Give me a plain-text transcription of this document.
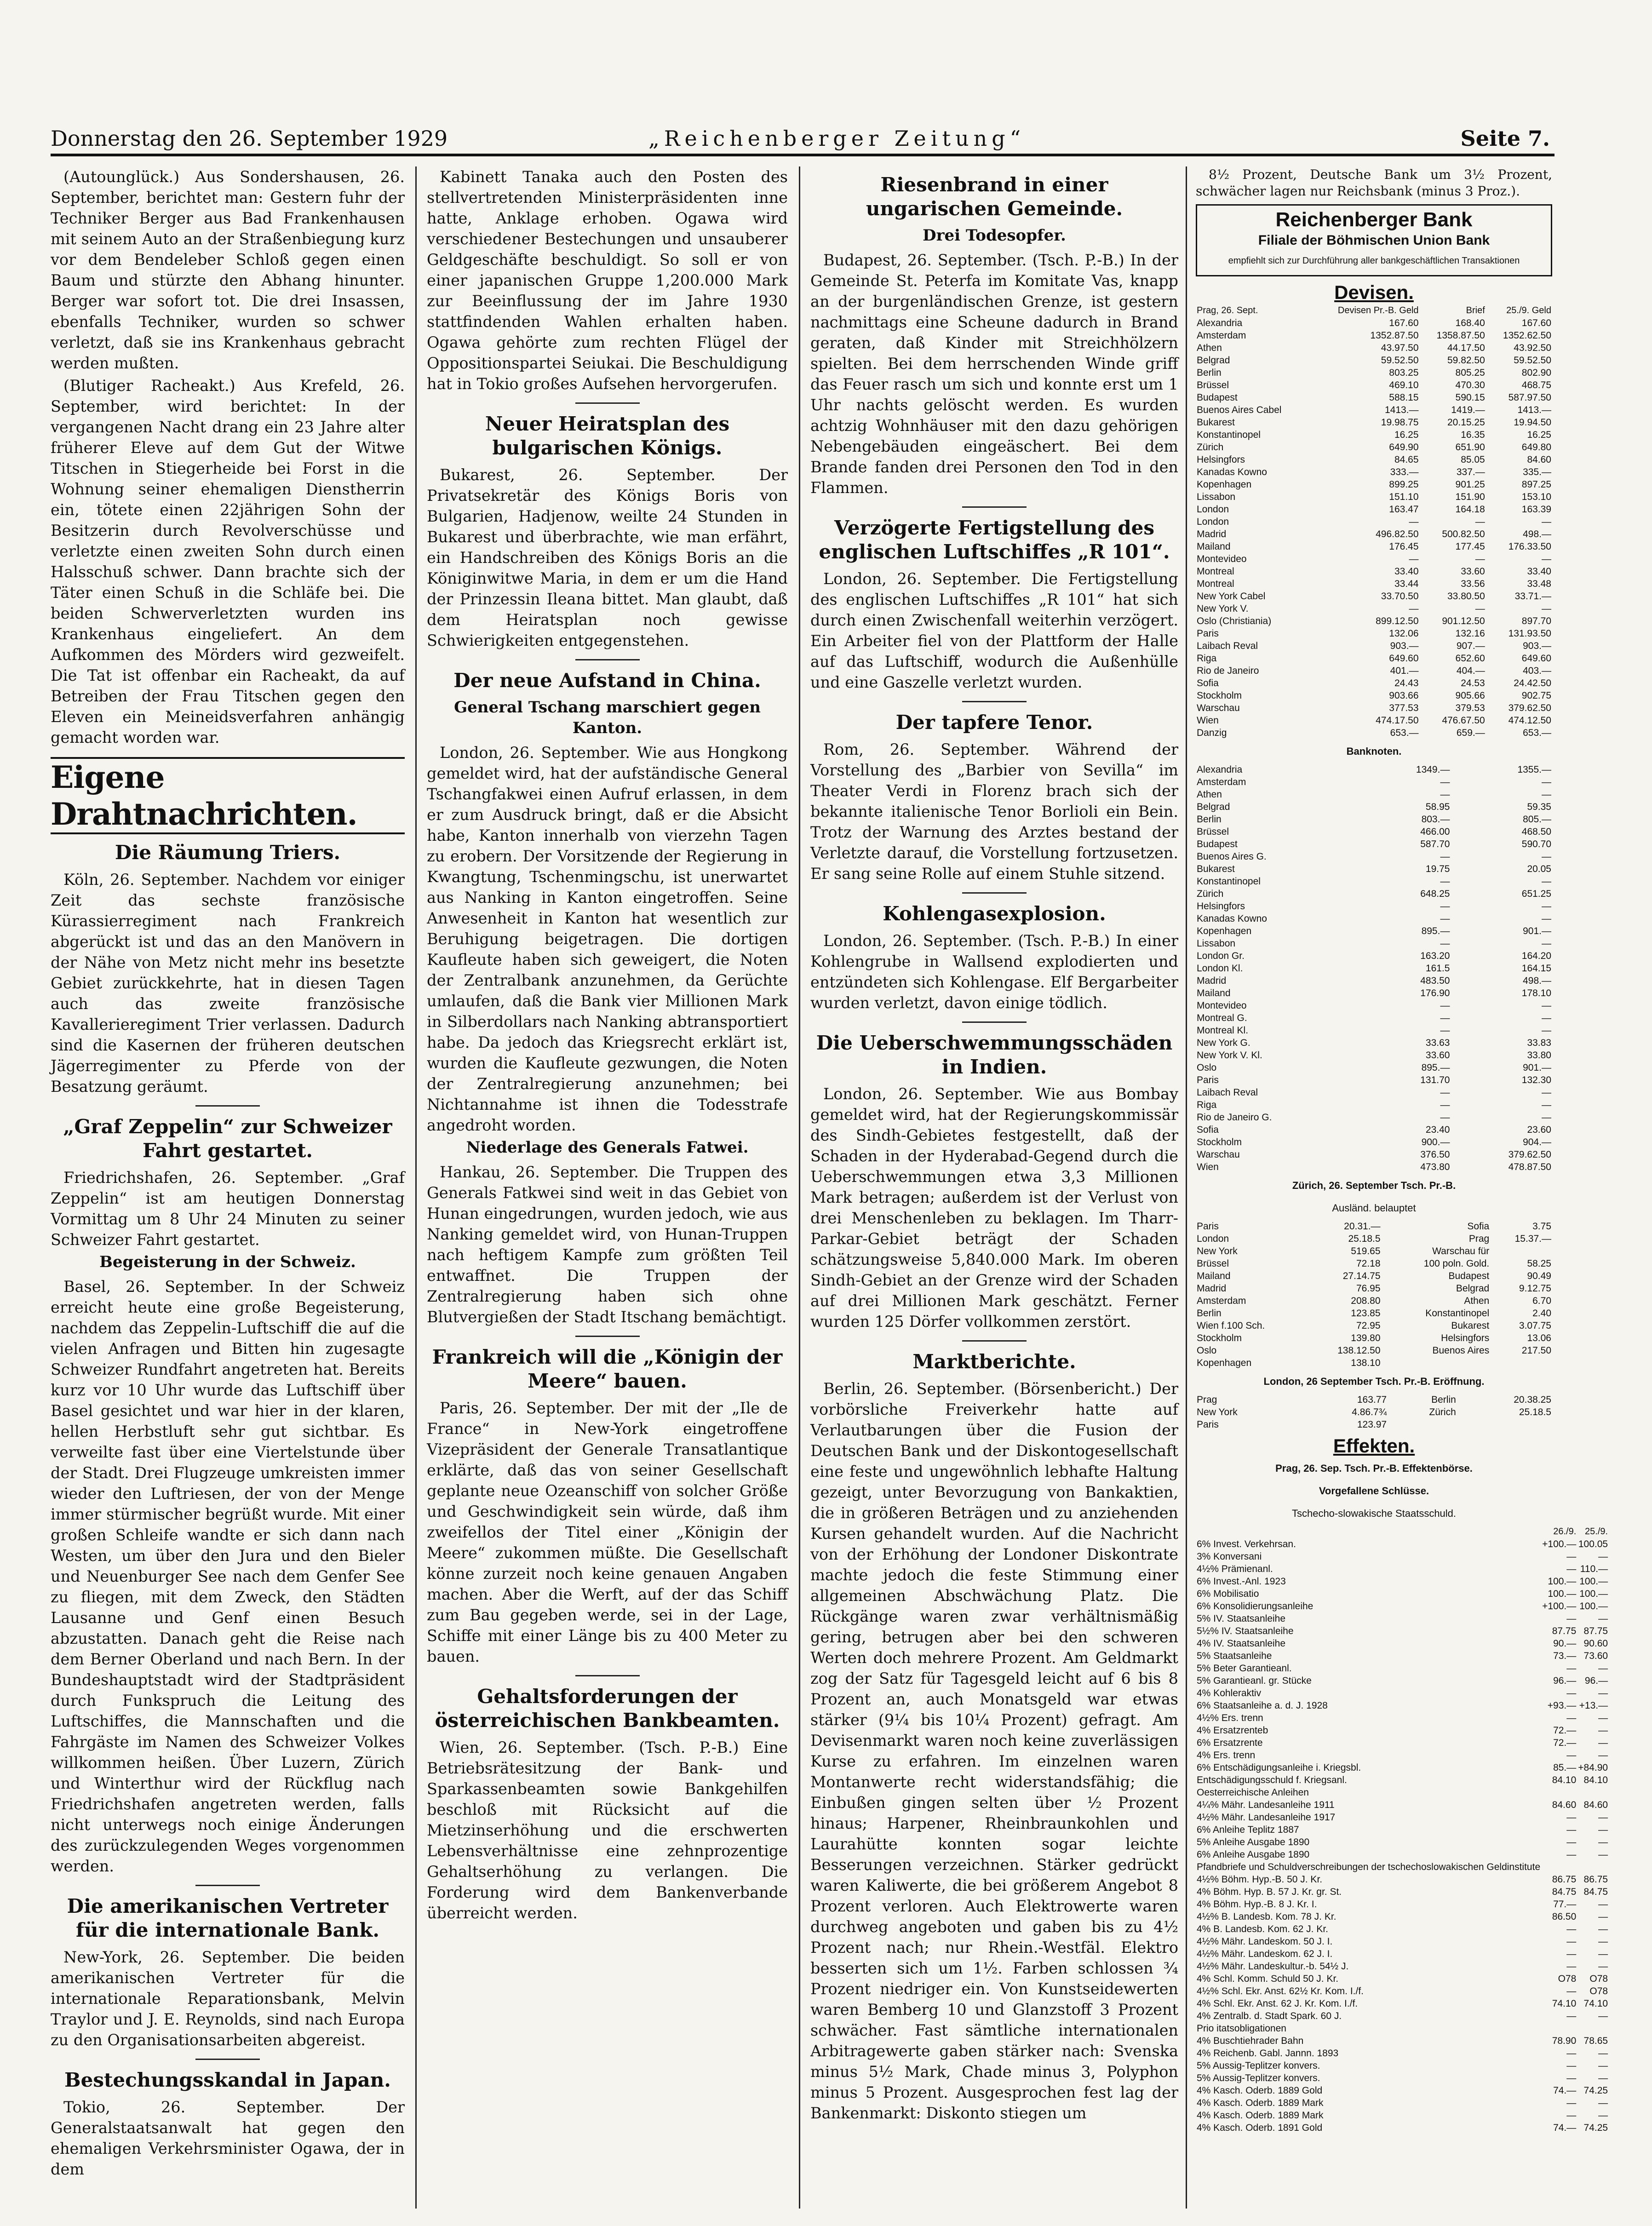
Donnerstag den 26. September 1929	„Reichenberger Zeitung“	Seite 7.

(Autounglück.) Aus Sondershausen, 26. September, berichtet man: Gestern fuhr der Techniker Berger aus Bad Frankenhausen mit seinem Auto an der Straßenbiegung kurz vor dem Bendeleber Schloß gegen einen Baum und stürzte den Abhang hinunter. Berger war sofort tot. Die drei Insassen, ebenfalls Techniker, wurden so schwer verletzt, daß sie ins Krankenhaus gebracht werden mußten.

(Blutiger Racheakt.) Aus Krefeld, 26. September, wird berichtet: In der vergangenen Nacht drang ein 23 Jahre alter früherer Eleve auf dem Gut der Witwe Titschen in Stiegerheide bei Forst in die Wohnung seiner ehemaligen Dienstherrin ein, tötete einen 22jährigen Sohn der Besitzerin durch Revolverschüsse und verletzte einen zweiten Sohn durch einen Halsschuß schwer. Dann brachte sich der Täter einen Schuß in die Schläfe bei. Die beiden Schwerverletzten wurden ins Krankenhaus eingeliefert. An dem Aufkommen des Mörders wird gezweifelt. Die Tat ist offenbar ein Racheakt, da auf Betreiben der Frau Titschen gegen den Eleven ein Meineidsverfahren anhängig gemacht worden war.

Eigene Drahtnachrichten.
Die Räumung Triers.

Köln, 26. September. Nachdem vor einiger Zeit das sechste französische Kürassierregiment nach Frankreich abgerückt ist und das an den Manövern in der Nähe von Metz nicht mehr ins besetzte Gebiet zurückkehrte, hat in diesen Tagen auch das zweite französische Kavallerieregiment Trier verlassen. Dadurch sind die Kasernen der früheren deutschen Jägerregimenter zu Pferde von der Besatzung geräumt.

„Graf Zeppelin“ zur Schweizer Fahrt gestartet.

Friedrichshafen, 26. September. „Graf Zeppelin“ ist am heutigen Donnerstag Vormittag um 8 Uhr 24 Minuten zu seiner Schweizer Fahrt gestartet.

Begeisterung in der Schweiz.

Basel, 26. September. In der Schweiz erreicht heute eine große Begeisterung, nachdem das Zeppelin-Luftschiff die auf die vielen Anfragen und Bitten hin zugesagte Schweizer Rundfahrt angetreten hat. Bereits kurz vor 10 Uhr wurde das Luftschiff über Basel gesichtet und war hier in der klaren, hellen Herbstluft sehr gut sichtbar. Es verweilte fast über eine Viertelstunde über der Stadt. Drei Flugzeuge umkreisten immer wieder den Luftriesen, der von der Menge immer stürmischer begrüßt wurde. Mit einer großen Schleife wandte er sich dann nach Westen, um über den Jura und den Bieler und Neuenburger See nach dem Genfer See zu fliegen, mit dem Zweck, den Städten Lausanne und Genf einen Besuch abzustatten. Danach geht die Reise nach dem Berner Oberland und nach Bern. In der Bundeshauptstadt wird der Stadtpräsident durch Funkspruch die Leitung des Luftschiffes, die Mannschaften und die Fahrgäste im Namen des Schweizer Volkes willkommen heißen. Über Luzern, Zürich und Winterthur wird der Rückflug nach Friedrichshafen angetreten werden, falls nicht unterwegs noch einige Änderungen des zurückzulegenden Weges vorgenommen werden.

Die amerikanischen Vertreter für die internationale Bank.

New-York, 26. September. Die beiden amerikanischen Vertreter für die internationale Reparationsbank, Melvin Traylor und J. E. Reynolds, sind nach Europa zu den Organisationsarbeiten abgereist.

Bestechungsskandal in Japan.

Tokio, 26. September. Der Generalstaatsanwalt hat gegen den ehemaligen Verkehrsminister Ogawa, der in dem

Kabinett Tanaka auch den Posten des stellvertretenden Ministerpräsidenten inne hatte, Anklage erhoben. Ogawa wird verschiedener Bestechungen und unsauberer Geldgeschäfte beschuldigt. So soll er von einer japanischen Gruppe 1,200.000 Mark zur Beeinflussung der im Jahre 1930 stattfindenden Wahlen erhalten haben. Ogawa gehörte zum rechten Flügel der Oppositionspartei Seiukai. Die Beschuldigung hat in Tokio großes Aufsehen hervorgerufen.

Neuer Heiratsplan des bulgarischen Königs.

Bukarest, 26. September. Der Privatsekretär des Königs Boris von Bulgarien, Hadjenow, weilte 24 Stunden in Bukarest und überbrachte, wie man erfährt, ein Handschreiben des Königs Boris an die Königinwitwe Maria, in dem er um die Hand der Prinzessin Ileana bittet. Man glaubt, daß dem Heiratsplan noch gewisse Schwierigkeiten entgegenstehen.

Der neue Aufstand in China.
General Tschang marschiert gegen Kanton.

London, 26. September. Wie aus Hongkong gemeldet wird, hat der aufständische General Tschangfakwei einen Aufruf erlassen, in dem er zum Ausdruck bringt, daß er die Absicht habe, Kanton innerhalb von vierzehn Tagen zu erobern. Der Vorsitzende der Regierung in Kwangtung, Tschenmingschu, ist unerwartet aus Nanking in Kanton eingetroffen. Seine Anwesenheit in Kanton hat wesentlich zur Beruhigung beigetragen. Die dortigen Kaufleute haben sich geweigert, die Noten der Zentralbank anzunehmen, da Gerüchte umlaufen, daß die Bank vier Millionen Mark in Silberdollars nach Nanking abtransportiert habe. Da jedoch das Kriegsrecht erklärt ist, wurden die Kaufleute gezwungen, die Noten der Zentralregierung anzunehmen; bei Nichtannahme ist ihnen die Todesstrafe angedroht worden.

Niederlage des Generals Fatwei.

Hankau, 26. September. Die Truppen des Generals Fatkwei sind weit in das Gebiet von Hunan eingedrungen, wurden jedoch, wie aus Nanking gemeldet wird, von Hunan-Truppen nach heftigem Kampfe zum größten Teil entwaffnet. Die Truppen der Zentralregierung haben sich ohne Blutvergießen der Stadt Itschang bemächtigt.

Frankreich will die „Königin der Meere“ bauen.

Paris, 26. September. Der mit der „Ile de France“ in New-York eingetroffene Vizepräsident der Generale Transatlantique erklärte, daß das von seiner Gesellschaft geplante neue Ozeanschiff von solcher Größe und Geschwindigkeit sein würde, daß ihm zweifellos der Titel einer „Königin der Meere“ zukommen müßte. Die Gesellschaft könne zurzeit noch keine genauen Angaben machen. Aber die Werft, auf der das Schiff zum Bau gegeben werde, sei in der Lage, Schiffe mit einer Länge bis zu 400 Meter zu bauen.

Gehaltsforderungen der österreichischen Bankbeamten.

Wien, 26. September. (Tsch. P.-B.) Eine Betriebsrätesitzung der Bank- und Sparkassenbeamten sowie Bankgehilfen beschloß mit Rücksicht auf die Mietzinserhöhung und die erschwerten Lebensverhältnisse eine zehnprozentige Gehaltserhöhung zu verlangen. Die Forderung wird dem Bankenverbande überreicht werden.

Riesenbrand in einer ungarischen Gemeinde.
Drei Todesopfer.

Budapest, 26. September. (Tsch. P.-B.) In der Gemeinde St. Peterfa im Komitate Vas, knapp an der burgenländischen Grenze, ist gestern nachmittags eine Scheune dadurch in Brand geraten, daß Kinder mit Streichhölzern spielten. Bei dem herrschenden Winde griff das Feuer rasch um sich und konnte erst um 1 Uhr nachts gelöscht werden. Es wurden achtzig Wohnhäuser mit den dazu gehörigen Nebengebäuden eingeäschert. Bei dem Brande fanden drei Personen den Tod in den Flammen.

Verzögerte Fertigstellung des englischen Luftschiffes „R 101“.

London, 26. September. Die Fertigstellung des englischen Luftschiffes „R 101“ hat sich durch einen Zwischenfall weiterhin verzögert. Ein Arbeiter fiel von der Plattform der Halle auf das Luftschiff, wodurch die Außenhülle und eine Gaszelle verletzt wurden.

Der tapfere Tenor.

Rom, 26. September. Während der Vorstellung des „Barbier von Sevilla“ im Theater Verdi in Florenz brach sich der bekannte italienische Tenor Borlioli ein Bein. Trotz der Warnung des Arztes bestand der Verletzte darauf, die Vorstellung fortzusetzen. Er sang seine Rolle auf einem Stuhle sitzend.

Kohlengasexplosion.

London, 26. September. (Tsch. P.-B.) In einer Kohlengrube in Wallsend explodierten und entzündeten sich Kohlengase. Elf Bergarbeiter wurden verletzt, davon einige tödlich.

Die Ueberschwemmungsschäden in Indien.

London, 26. September. Wie aus Bombay gemeldet wird, hat der Regierungskommissär des Sindh-Gebietes festgestellt, daß der Schaden in der Hyderabad-Gegend durch die Ueberschwemmungen etwa 3,3 Millionen Mark betragen; außerdem ist der Verlust von drei Menschenleben zu beklagen. Im Tharr-Parkar-Gebiet beträgt der Schaden schätzungsweise 5,840.000 Mark. Im oberen Sindh-Gebiet an der Grenze wird der Schaden auf drei Millionen Mark geschätzt. Ferner wurden 125 Dörfer vollkommen zerstört.

Marktberichte.

Berlin, 26. September. (Börsenbericht.) Der vorbörsliche Freiverkehr hatte auf Verlautbarungen über die Fusion der Deutschen Bank und der Diskontogesellschaft eine feste und ungewöhnlich lebhafte Haltung gezeigt, unter Bevorzugung von Bankaktien, die in größeren Beträgen und zu anziehenden Kursen gehandelt wurden. Auf die Nachricht von der Erhöhung der Londoner Diskontrate machte jedoch die feste Stimmung einer allgemeinen Abschwächung Platz. Die Rückgänge waren zwar verhältnismäßig gering, betrugen aber bei den schweren Werten doch mehrere Prozent. Am Geldmarkt zog der Satz für Tagesgeld leicht auf 6 bis 8 Prozent an, auch Monatsgeld war etwas stärker (9¼ bis 10¼ Prozent) gefragt. Am Devisenmarkt waren noch keine zuverlässigen Kurse zu erfahren. Im einzelnen waren Montanwerte recht widerstandsfähig; die Einbußen gingen selten über ½ Prozent hinaus; Harpener, Rheinbraunkohlen und Laurahütte konnten sogar leichte Besserungen verzeichnen. Stärker gedrückt waren Kaliwerte, die bei größerem Angebot 8 Prozent verloren. Auch Elektrowerte waren durchweg angeboten und gaben bis zu 4½ Prozent nach; nur Rhein.-Westfäl. Elektro besserten sich um 1½. Farben schlossen ¾ Prozent niedriger ein. Von Kunstseidewerten waren Bemberg 10 und Glanzstoff 3 Prozent schwächer. Fast sämtliche internationalen Arbitragewerte gaben stärker nach: Svenska minus 5½ Mark, Chade minus 3, Polyphon minus 5 Prozent. Ausgesprochen fest lag der Bankenmarkt: Diskonto stiegen um

8½ Prozent, Deutsche Bank um 3½ Prozent, schwächer lagen nur Reichsbank (minus 3 Proz.).

Reichenberger Bank
Filiale der Böhmischen Union Bank
empfiehlt sich zur Durchführung aller bankgeschäftlichen Transaktionen
Devisen.
Prag, 26. Sept.	Devisen Pr.-B. Geld	Brief	25./9. Geld
Alexandria	167.60	168.40	167.60
Amsterdam	1352.87.50	1358.87.50	1352.62.50
Athen	43.97.50	44.17.50	43.92.50
Belgrad	59.52.50	59.82.50	59.52.50
Berlin	803.25	805.25	802.90
Brüssel	469.10	470.30	468.75
Budapest	588.15	590.15	587.97.50
Buenos Aires Cabel	1413.—	1419.—	1413.—
Bukarest	19.98.75	20.15.25	19.94.50
Konstantinopel	16.25	16.35	16.25
Zürich	649.90	651.90	649.80
Helsingfors	84.65	85.05	84.60
Kanadas Kowno	333.—	337.—	335.—
Kopenhagen	899.25	901.25	897.25
Lissabon	151.10	151.90	153.10
London	163.47	164.18	163.39
London	—	—	—
Madrid	496.82.50	500.82.50	498.—
Mailand	176.45	177.45	176.33.50
Montevideo	—	—	—
Montreal	33.40	33.60	33.40
Montreal	33.44	33.56	33.48
New York Cabel	33.70.50	33.80.50	33.71.—
New York V.	—	—	—
Oslo (Christiania)	899.12.50	901.12.50	897.70
Paris	132.06	132.16	131.93.50
Laibach Reval	903.—	907.—	903.—
Riga	649.60	652.60	649.60
Rio de Janeiro	401.—	404.—	403.—
Sofia	24.43	24.53	24.42.50
Stockholm	903.66	905.66	902.75
Warschau	377.53	379.53	379.62.50
Wien	474.17.50	476.67.50	474.12.50
Danzig	653.—	659.—	653.—
Banknoten.
Alexandria	1349.—	1355.—
Amsterdam	—	—
Athen	—	—
Belgrad	58.95	59.35
Berlin	803.—	805.—
Brüssel	466.00	468.50
Budapest	587.70	590.70
Buenos Aires G.	—	—
Bukarest	19.75	20.05
Konstantinopel	—	—
Zürich	648.25	651.25
Helsingfors	—	—
Kanadas Kowno	—	—
Kopenhagen	895.—	901.—
Lissabon	—	—
London Gr.	163.20	164.20
London Kl.	161.5	164.15
Madrid	483.50	498.—
Mailand	176.90	178.10
Montevideo	—	—
Montreal G.	—	—
Montreal Kl.	—	—
New York G.	33.63	33.83
New York V. Kl.	33.60	33.80
Oslo	895.—	901.—
Paris	131.70	132.30
Laibach Reval	—	—
Riga	—	—
Rio de Janeiro G.	—	—
Sofia	23.40	23.60
Stockholm	900.—	904.—
Warschau	376.50	379.62.50
Wien	473.80	478.87.50
Zürich, 26. September Tsch. Pr.-B.
Ausländ. belauptet
Paris	20.31.—	Sofia	3.75
London	25.18.5	Prag	15.37.—
New York	519.65	Warschau für	
Brüssel	72.18	100 poln. Gold.	58.25
Mailand	27.14.75	Budapest	90.49
Madrid	76.95	Belgrad	9.12.75
Amsterdam	208.80	Athen	6.70
Berlin	123.85	Konstantinopel	2.40
Wien f.100 Sch.	72.95	Bukarest	3.07.75
Stockholm	139.80	Helsingfors	13.06
Oslo	138.12.50	Buenos Aires	217.50
Kopenhagen	138.10		
London, 26 September Tsch. Pr.-B. Eröffnung.
Prag	163.77	Berlin	20.38.25
New York	4.86.7¾	Zürich	25.18.5
Paris	123.97		
Effekten.
Prag, 26. Sep. Tsch. Pr.-B. Effektenbörse.
Vorgefallene Schlüsse.
Tschecho-slowakische Staatsschuld.
	26./9.	25./9.
6% Invest. Verkehrsan.	+100.—	100.05
3% Konversani	—	—
4½% Prämienanl.	—	110.—
6% Invest.-Anl. 1923	100.—	100.—
6% Mobilisatio	100.—	100.—
6% Konsolidierungsanleihe	+100.—	100.—
5% IV. Staatsanleihe	—	—
5½% IV. Staatsanleihe	87.75	87.75
4% IV. Staatsanleihe	90.—	90.60
5% Staatsanleihe	73.—	73.60
5% Beter Garantieanl.	—	—
5% Garantieanl. gr. Stücke	96.—	96.—
4% Kohleraktiv	—	—
6% Staatsanleihe a. d. J. 1928	+93.—	+13.—
4½% Ers. trenn	—	—
4% Ersatzrenteb	72.—	—
6% Ersatzrente	72.—	—
4% Ers. trenn	—	—
6% Entschädigungsanleihe i. Kriegsbl.	85.—	+84.90
Entschädigungsschuld f. Kriegsanl.	84.10	84.10
Oesterreichische Anleihen		
4¼% Mähr. Landesanleihe 1911	84.60	84.60
4½% Mähr. Landesanleihe 1917	—	—
6% Anleihe Teplitz 1887	—	—
5% Anleihe Ausgabe 1890	—	—
6% Anleihe Ausgabe 1890	—	—
Pfandbriefe und Schuldverschreibungen der tschechoslowakischen Geldinstitute		
4½% Böhm. Hyp.-B. 50 J. Kr.	86.75	86.75
4% Böhm. Hyp. B. 57 J. Kr. gr. St.	84.75	84.75
4% Böhm. Hyp.-B. 8 J. Kr. I.	77.—	—
4½% B. Landesb. Kom. 78 J. Kr.	86.50	—
4% B. Landesb. Kom. 62 J. Kr.	—	—
4½% Mähr. Landeskom. 50 J. I.	—	—
4½% Mähr. Landeskom. 62 J. I.	—	—
4½% Mähr. Landeskultur.-b. 54½ J.	—	—
4% Schl. Komm. Schuld 50 J. Kr.	O78	O78
4½% Schl. Ekr. Anst. 62½ Kr. Kom. I./f.	—	O78
4% Schl. Ekr. Anst. 62 J. Kr. Kom. I./f.	74.10	74.10
4% Zentralb. d. Stadt Spark. 60 J.	—	—
Prio itatsobligationen		
4% Buschtiehrader Bahn	78.90	78.65
4% Reichenb. Gabl. Jannn. 1893	—	—
5% Aussig-Teplitzer konvers.	—	—
5% Aussig-Teplitzer konvers.	—	—
4% Kasch. Oderb. 1889 Gold	74.—	74.25
4% Kasch. Oderb. 1889 Mark	—	—
4% Kasch. Oderb. 1889 Mark	—	—
4% Kasch. Oderb. 1891 Gold	74.—	74.25
